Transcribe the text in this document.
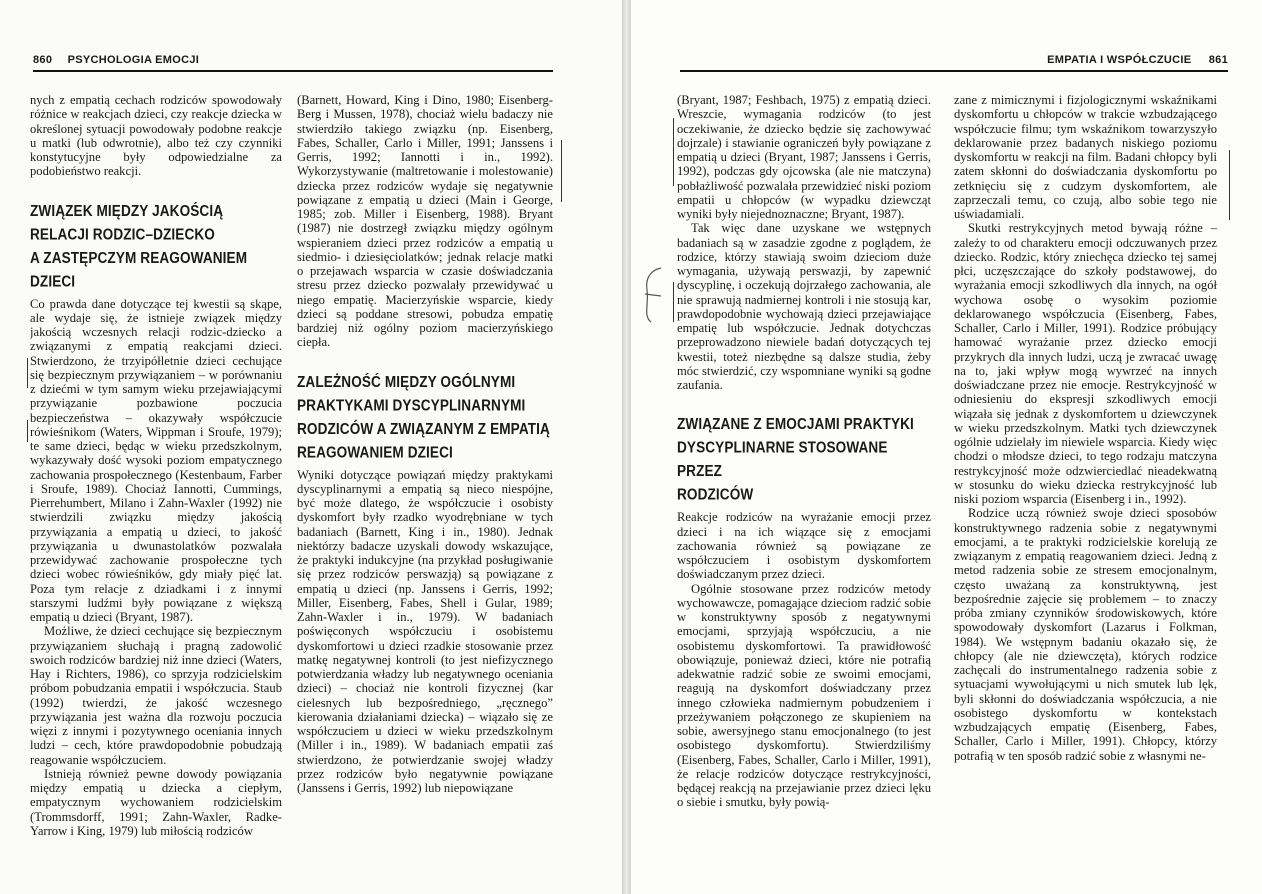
860 PSYCHOLOGIA EMOCJI

nych z empatią cechach rodziców spowodowały różnice w reakcjach dzieci, czy reakcje dziecka w określonej sytuacji powodowały podobne reakcje u matki (lub odwrotnie), albo też czy czynniki konstytucyjne były odpowiedzialne za podobieństwo reakcji.

ZWIĄZEK MIĘDZY JAKOŚCIĄ
RELACJI RODZIC–DZIECKO
A ZASTĘPCZYM REAGOWANIEM DZIECI

Co prawda dane dotyczące tej kwestii są skąpe, ale wydaje się, że istnieje związek między jakością wczesnych relacji rodzic-dziecko a związanymi z empatią reakcjami dzieci. Stwierdzono, że trzyipółletnie dzieci cechujące się bezpiecznym przywiązaniem – w porównaniu z dziećmi w tym samym wieku przejawiającymi przywiązanie pozbawione poczucia bezpieczeństwa – okazywały współczucie rówieśnikom (Waters, Wippman i Sroufe, 1979); te same dzieci, będąc w wieku przedszkolnym, wykazywały dość wysoki poziom empatycznego zachowania prospołecznego (Kestenbaum, Farber i Sroufe, 1989). Chociaż Iannotti, Cummings, Pierrehumbert, Milano i Zahn-Waxler (1992) nie stwierdzili związku między jakością przywiązania a empatią u dzieci, to jakość przywiązania u dwunastolatków pozwalała przewidywać zachowanie prospołeczne tych dzieci wobec rówieśników, gdy miały pięć lat. Poza tym relacje z dziadkami i z innymi starszymi ludźmi były powiązane z większą empatią u dzieci (Bryant, 1987).

Możliwe, że dzieci cechujące się bezpiecznym przywiązaniem słuchają i pragną zadowolić swoich rodziców bardziej niż inne dzieci (Waters, Hay i Richters, 1986), co sprzyja rodzicielskim próbom pobudzania empatii i współczucia. Staub (1992) twierdzi, że jakość wczesnego przywiązania jest ważna dla rozwoju poczucia więzi z innymi i pozytywnego oceniania innych ludzi – cech, które prawdopodobnie pobudzają reagowanie współczuciem.

Istnieją również pewne dowody powiązania między empatią u dziecka a ciepłym, empatycznym wychowaniem rodzicielskim (Trommsdorff, 1991; Zahn-Waxler, Radke-Yarrow i King, 1979) lub miłością rodziców

(Barnett, Howard, King i Dino, 1980; Eisenberg-Berg i Mussen, 1978), chociaż wielu badaczy nie stwierdziło takiego związku (np. Eisenberg, Fabes, Schaller, Carlo i Miller, 1991; Janssens i Gerris, 1992; Iannotti i in., 1992). Wykorzystywanie (maltretowanie i molestowanie) dziecka przez rodziców wydaje się negatywnie powiązane z empatią u dzieci (Main i George, 1985; zob. Miller i Eisenberg, 1988). Bryant (1987) nie dostrzegł związku między ogólnym wspieraniem dzieci przez rodziców a empatią u siedmio- i dziesięciolatków; jednak relacje matki o przejawach wsparcia w czasie doświadczania stresu przez dziecko pozwalały przewidywać u niego empatię. Macierzyńskie wsparcie, kiedy dzieci są poddane stresowi, pobudza empatię bardziej niż ogólny poziom macierzyńskiego ciepła.

ZALEŻNOŚĆ MIĘDZY OGÓLNYMI
PRAKTYKAMI DYSCYPLINARNYMI
RODZICÓW A ZWIĄZANYM Z EMPATIĄ
REAGOWANIEM DZIECI

Wyniki dotyczące powiązań między praktykami dyscyplinarnymi a empatią są nieco niespójne, być może dlatego, że współczucie i osobisty dyskomfort były rzadko wyodrębniane w tych badaniach (Barnett, King i in., 1980). Jednak niektórzy badacze uzyskali dowody wskazujące, że praktyki indukcyjne (na przykład posługiwanie się przez rodziców perswazją) są powiązane z empatią u dzieci (np. Janssens i Gerris, 1992; Miller, Eisenberg, Fabes, Shell i Gular, 1989; Zahn-Waxler i in., 1979). W badaniach poświęconych współczuciu i osobistemu dyskomfortowi u dzieci rzadkie stosowanie przez matkę negatywnej kontroli (to jest niefizycznego potwierdzania władzy lub negatywnego oceniania dzieci) – chociaż nie kontroli fizycznej (kar cielesnych lub bezpośredniego, „ręcznego” kierowania działaniami dziecka) – wiązało się ze współczuciem u dzieci w wieku przedszkolnym (Miller i in., 1989). W badaniach empatii zaś stwierdzono, że potwierdzanie swojej władzy przez rodziców było negatywnie powiązane (Janssens i Gerris, 1992) lub niepowiązane

EMPATIA I WSPÓŁCZUCIE 861

(Bryant, 1987; Feshbach, 1975) z empatią dzieci. Wreszcie, wymagania rodziców (to jest oczekiwanie, że dziecko będzie się zachowywać dojrzale) i stawianie ograniczeń były powiązane z empatią u dzieci (Bryant, 1987; Janssens i Gerris, 1992), podczas gdy ojcowska (ale nie matczyna) pobłażliwość pozwalała przewidzieć niski poziom empatii u chłopców (w wypadku dziewcząt wyniki były niejednoznaczne; Bryant, 1987).

Tak więc dane uzyskane we wstępnych badaniach są w zasadzie zgodne z poglądem, że rodzice, którzy stawiają swoim dzieciom duże wymagania, używają perswazji, by zapewnić dyscyplinę, i oczekują dojrzałego zachowania, ale nie sprawują nadmiernej kontroli i nie stosują kar, prawdopodobnie wychowają dzieci przejawiające empatię lub współczucie. Jednak dotychczas przeprowadzono niewiele badań dotyczących tej kwestii, toteż niezbędne są dalsze studia, żeby móc stwierdzić, czy wspomniane wyniki są godne zaufania.

ZWIĄZANE Z EMOCJAMI PRAKTYKI
DYSCYPLINARNE STOSOWANE PRZEZ
RODZICÓW

Reakcje rodziców na wyrażanie emocji przez dzieci i na ich wiązące się z emocjami zachowania również są powiązane ze współczuciem i osobistym dyskomfortem doświadczanym przez dzieci.

Ogólnie stosowane przez rodziców metody wychowawcze, pomagające dzieciom radzić sobie w konstruktywny sposób z negatywnymi emocjami, sprzyjają współczuciu, a nie osobistemu dyskomfortowi. Ta prawidłowość obowiązuje, ponieważ dzieci, które nie potrafią adekwatnie radzić sobie ze swoimi emocjami, reagują na dyskomfort doświadczany przez innego człowieka nadmiernym pobudzeniem i przeżywaniem połączonego ze skupieniem na sobie, awersyjnego stanu emocjonalnego (to jest osobistego dyskomfortu). Stwierdziliśmy (Eisenberg, Fabes, Schaller, Carlo i Miller, 1991), że relacje rodziców dotyczące restrykcyjności, będącej reakcją na przejawianie przez dzieci lęku o siebie i smutku, były powią-

zane z mimicznymi i fizjologicznymi wskaźnikami dyskomfortu u chłopców w trakcie wzbudzającego współczucie filmu; tym wskaźnikom towarzyszyło deklarowanie przez badanych niskiego poziomu dyskomfortu w reakcji na film. Badani chłopcy byli zatem skłonni do doświadczania dyskomfortu po zetknięciu się z cudzym dyskomfortem, ale zaprzeczali temu, co czują, albo sobie tego nie uświadamiali.

Skutki restrykcyjnych metod bywają różne – zależy to od charakteru emocji odczuwanych przez dziecko. Rodzic, który zniechęca dziecko tej samej płci, uczęszczające do szkoły podstawowej, do wyrażania emocji szkodliwych dla innych, na ogół wychowa osobę o wysokim poziomie deklarowanego współczucia (Eisenberg, Fabes, Schaller, Carlo i Miller, 1991). Rodzice próbujący hamować wyrażanie przez dziecko emocji przykrych dla innych ludzi, uczą je zwracać uwagę na to, jaki wpływ mogą wywrzeć na innych doświadczane przez nie emocje. Restrykcyjność w odniesieniu do ekspresji szkodliwych emocji wiązała się jednak z dyskomfortem u dziewczynek w wieku przedszkolnym. Matki tych dziewczynek ogólnie udzielały im niewiele wsparcia. Kiedy więc chodzi o młodsze dzieci, to tego rodzaju matczyna restrykcyjność może odzwierciedlać nieadekwatną w stosunku do wieku dziecka restrykcyjność lub niski poziom wsparcia (Eisenberg i in., 1992).

Rodzice uczą również swoje dzieci sposobów konstruktywnego radzenia sobie z negatywnymi emocjami, a te praktyki rodzicielskie korelują ze związanym z empatią reagowaniem dzieci. Jedną z metod radzenia sobie ze stresem emocjonalnym, często uważaną za konstruktywną, jest bezpośrednie zajęcie się problemem – to znaczy próba zmiany czynników środowiskowych, które spowodowały dyskomfort (Lazarus i Folkman, 1984). We wstępnym badaniu okazało się, że chłopcy (ale nie dziewczęta), których rodzice zachęcali do instrumentalnego radzenia sobie z sytuacjami wywołującymi u nich smutek lub lęk, byli skłonni do doświadczania współczucia, a nie osobistego dyskomfortu w kontekstach wzbudzających empatię (Eisenberg, Fabes, Schaller, Carlo i Miller, 1991). Chłopcy, którzy potrafią w ten sposób radzić sobie z własnymi ne-
